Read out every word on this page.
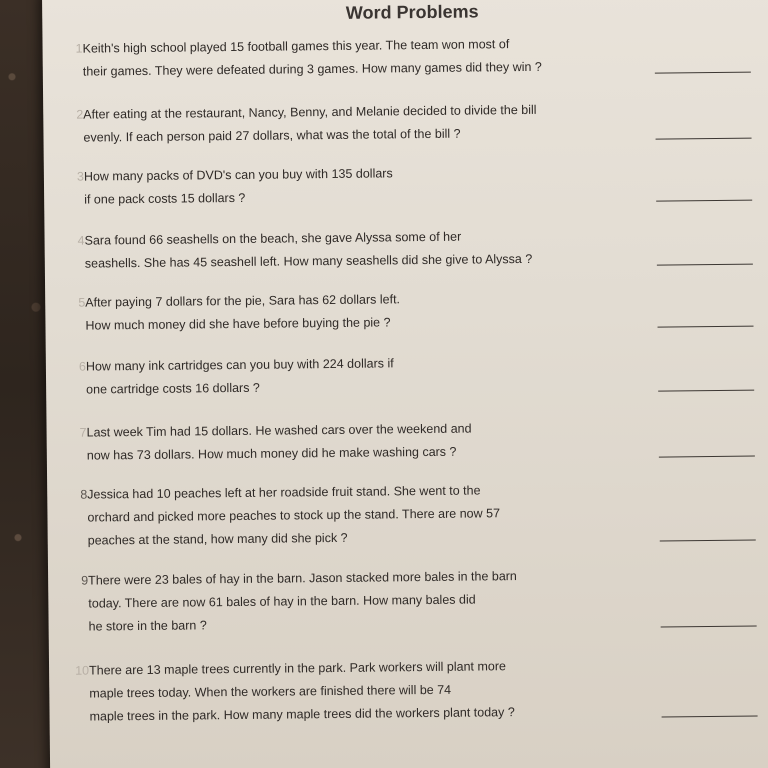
Word Problems
1 Keith's high school played 15 football games this year. The team won most of
their games. They were defeated during 3 games. How many games did they win ?
2 After eating at the restaurant, Nancy, Benny, and Melanie decided to divide the bill
evenly. If each person paid 27 dollars, what was the total of the bill ?
3 How many packs of DVD's can you buy with 135 dollars
if one pack costs 15 dollars ?
4 Sara found 66 seashells on the beach, she gave Alyssa some of her
seashells. She has 45 seashell left. How many seashells did she give to Alyssa ?
5 After paying 7 dollars for the pie, Sara has 62 dollars left.
How much money did she have before buying the pie ?
6 How many ink cartridges can you buy with 224 dollars if
one cartridge costs 16 dollars ?
7 Last week Tim had 15 dollars. He washed cars over the weekend and
now has 73 dollars. How much money did he make washing cars ?
8 Jessica had 10 peaches left at her roadside fruit stand. She went to the
orchard and picked more peaches to stock up the stand. There are now 57
peaches at the stand, how many did she pick ?
9 There were 23 bales of hay in the barn. Jason stacked more bales in the barn
today. There are now 61 bales of hay in the barn. How many bales did
he store in the barn ?
10 There are 13 maple trees currently in the park. Park workers will plant more
maple trees today. When the workers are finished there will be 74
maple trees in the park. How many maple trees did the workers plant today ?
